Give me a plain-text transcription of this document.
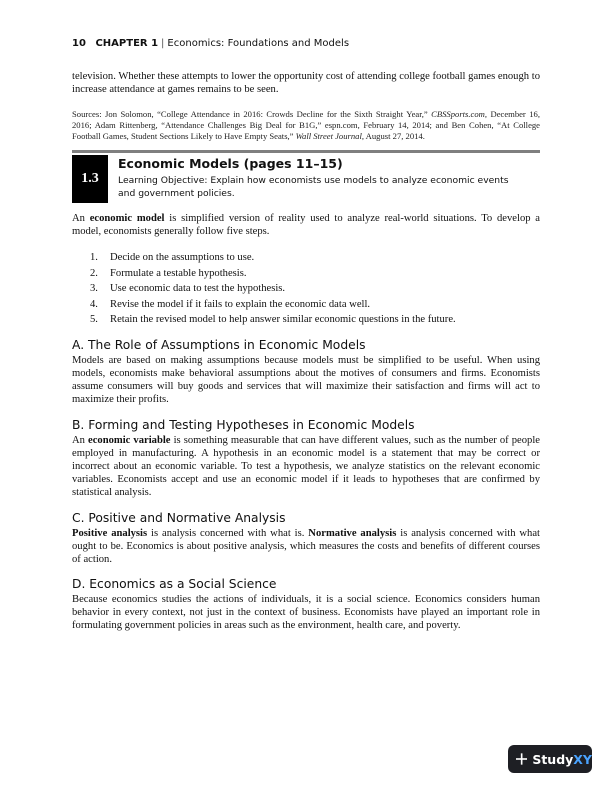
10 CHAPTER 1 | Economics: Foundations and Models

television. Whether these attempts to lower the opportunity cost of attending college football games enough to increase attendance at games remains to be seen.

Sources: Jon Solomon, “College Attendance in 2016: Crowds Decline for the Sixth Straight Year,” CBSSports.com, December 16, 2016; Adam Rittenberg, “Attendance Challenges Big Deal for B1G,” espn.com, February 14, 2014; and Ben Cohen, “At College Football Games, Student Sections Likely to Have Empty Seats,” Wall Street Journal, August 27, 2014.

1.3
Economic Models (pages 11–15)
Learning Objective: Explain how economists use models to analyze economic events and government policies.

An economic model is simplified version of reality used to analyze real-world situations. To develop a model, economists generally follow five steps.

1.	Decide on the assumptions to use.
2.	Formulate a testable hypothesis.
3.	Use economic data to test the hypothesis.
4.	Revise the model if it fails to explain the economic data well.
5.	Retain the revised model to help answer similar economic questions in the future.
A. The Role of Assumptions in Economic Models

Models are based on making assumptions because models must be simplified to be useful. When using models, economists make behavioral assumptions about the motives of consumers and firms. Economists assume consumers will buy goods and services that will maximize their satisfaction and firms will act to maximize their profits.

B. Forming and Testing Hypotheses in Economic Models

An economic variable is something measurable that can have different values, such as the number of people employed in manufacturing. A hypothesis in an economic model is a statement that may be correct or incorrect about an economic variable. To test a hypothesis, we analyze statistics on the relevant economic variables. Economists accept and use an economic model if it leads to hypotheses that are confirmed by statistical analysis.

C. Positive and Normative Analysis

Positive analysis is analysis concerned with what is. Normative analysis is analysis concerned with what ought to be. Economics is about positive analysis, which measures the costs and benefits of different courses of action.

D. Economics as a Social Science

Because economics studies the actions of individuals, it is a social science. Economics considers human behavior in every context, not just in the context of business. Economists have played an important role in formulating government policies in areas such as the environment, health care, and poverty.

StudyXY
